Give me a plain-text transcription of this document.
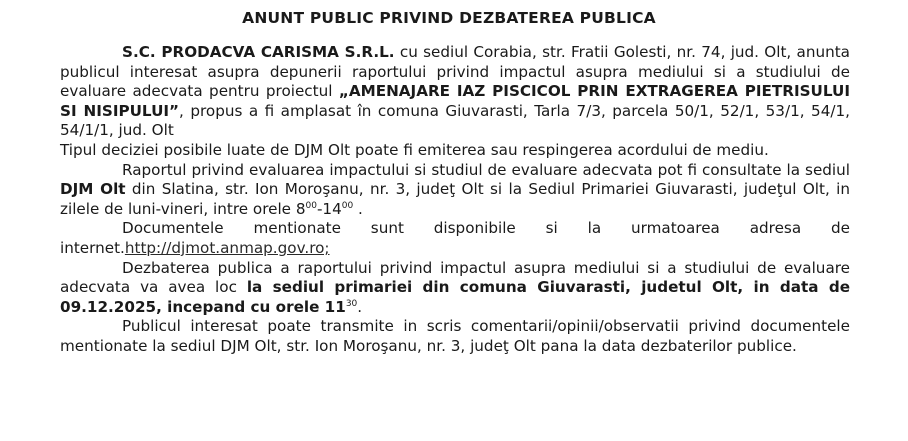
ANUNT PUBLIC PRIVIND DEZBATEREA PUBLICA

S.C. PRODACVA CARISMA S.R.L. cu sediul Corabia, str. Fratii Golesti, nr. 74, jud. Olt, anunta publicul interesat asupra depunerii raportului privind impactul asupra mediului si a studiului de evaluare adecvata pentru proiectul „AMENAJARE IAZ PISCICOL PRIN EXTRAGEREA PIETRISULUI SI NISIPULUI”, propus a fi amplasat în comuna Giuvarasti, Tarla 7/3, parcela 50/1, 52/1, 53/1, 54/1, 54/1/1, jud. Olt

Tipul deciziei posibile luate de DJM Olt poate fi emiterea sau respingerea acordului de mediu.

Raportul privind evaluarea impactului si studiul de evaluare adecvata pot fi consultate la sediul DJM Olt din Slatina, str. Ion Moroşanu, nr. 3, judeţ Olt si la Sediul Primariei Giuvarasti, judeţul Olt, in zilele de luni-vineri, intre orele $8^{00}-14^{00}$ .

Documentele mentionate sunt disponibile si la urmatoarea adresa de internet.http://djmot.anmap.gov.ro;

Dezbaterea publica a raportului privind impactul asupra mediului si a studiului de evaluare adecvata va avea loc la sediul primariei din comuna Giuvarasti, judetul Olt, in data de 09.12.2025, incepand cu orele $11^{30}$.

Publicul interesat poate transmite in scris comentarii/opinii/observatii privind documentele mentionate la sediul DJM Olt, str. Ion Moroşanu, nr. 3, judeţ Olt pana la data dezbaterilor publice.
